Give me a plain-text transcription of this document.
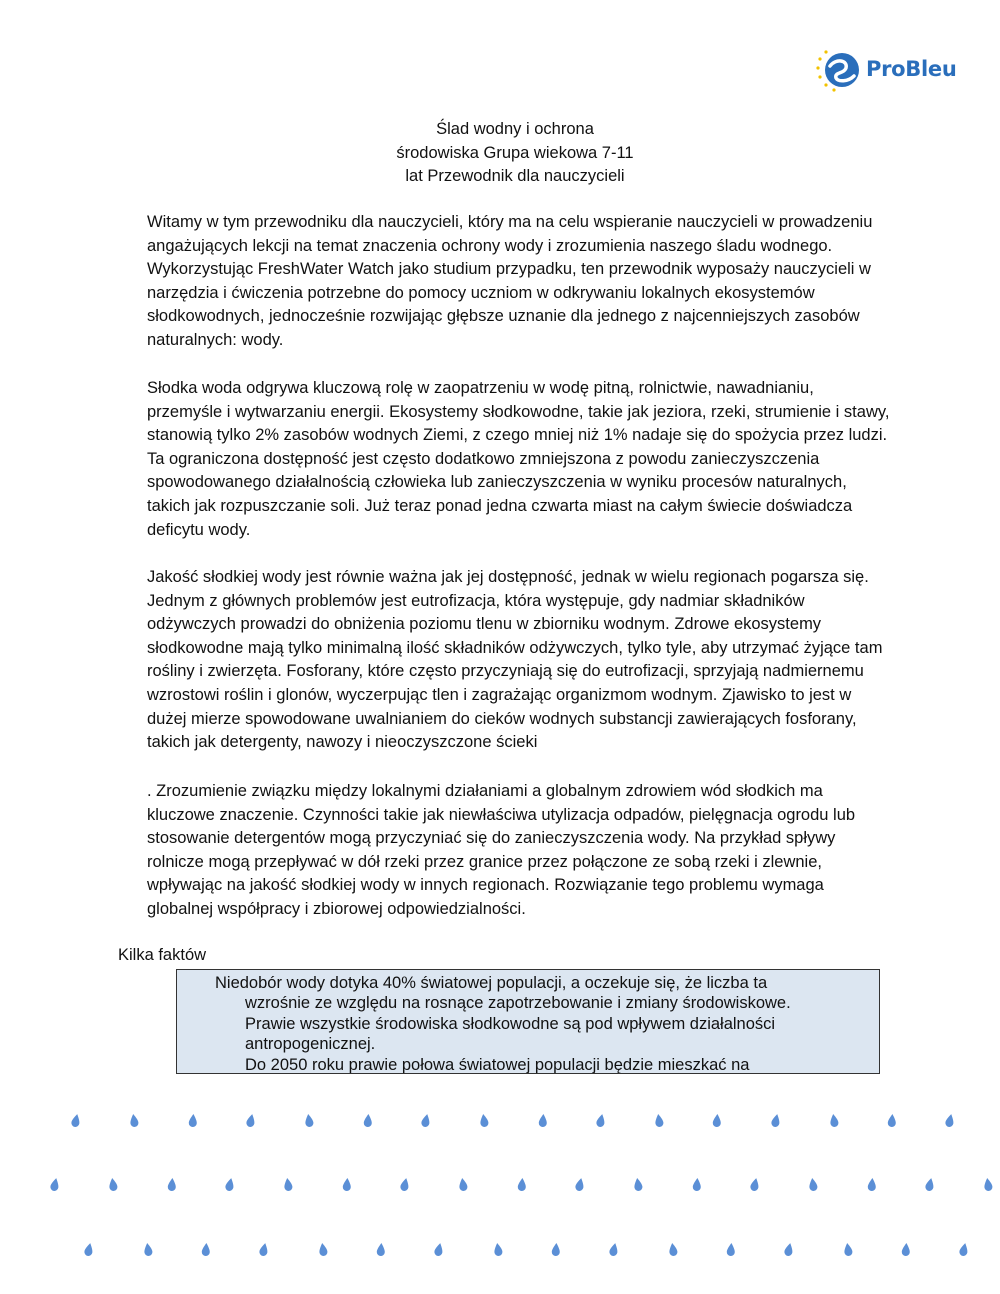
ProBleu
Ślad wodny i ochrona
środowiska Grupa wiekowa 7-11
lat Przewodnik dla nauczycieli

Witamy w tym przewodniku dla nauczycieli, który ma na celu wspieranie nauczycieli w prowadzeniu angażujących lekcji na temat znaczenia ochrony wody i zrozumienia naszego śladu wodnego. Wykorzystując FreshWater Watch jako studium przypadku, ten przewodnik wyposaży nauczycieli w narzędzia i ćwiczenia potrzebne do pomocy uczniom w odkrywaniu lokalnych ekosystemów słodkowodnych, jednocześnie rozwijając głębsze uznanie dla jednego z najcenniejszych zasobów naturalnych: wody.

Słodka woda odgrywa kluczową rolę w zaopatrzeniu w wodę pitną, rolnictwie, nawadnianiu, przemyśle i wytwarzaniu energii. Ekosystemy słodkowodne, takie jak jeziora, rzeki, strumienie i stawy, stanowią tylko 2% zasobów wodnych Ziemi, z czego mniej niż 1% nadaje się do spożycia przez ludzi. Ta ograniczona dostępność jest często dodatkowo zmniejszona z powodu zanieczyszczenia spowodowanego działalnością człowieka lub zanieczyszczenia w wyniku procesów naturalnych, takich jak rozpuszczanie soli. Już teraz ponad jedna czwarta miast na całym świecie doświadcza deficytu wody.

Jakość słodkiej wody jest równie ważna jak jej dostępność, jednak w wielu regionach pogarsza się. Jednym z głównych problemów jest eutrofizacja, która występuje, gdy nadmiar składników odżywczych prowadzi do obniżenia poziomu tlenu w zbiorniku wodnym. Zdrowe ekosystemy słodkowodne mają tylko minimalną ilość składników odżywczych, tylko tyle, aby utrzymać żyjące tam rośliny i zwierzęta. Fosforany, które często przyczyniają się do eutrofizacji, sprzyjają nadmiernemu wzrostowi roślin i glonów, wyczerpując tlen i zagrażając organizmom wodnym. Zjawisko to jest w dużej mierze spowodowane uwalnianiem do cieków wodnych substancji zawierających fosforany, takich jak detergenty, nawozy i nieoczyszczone ścieki

. Zrozumienie związku między lokalnymi działaniami a globalnym zdrowiem wód słodkich ma kluczowe znaczenie. Czynności takie jak niewłaściwa utylizacja odpadów, pielęgnacja ogrodu lub stosowanie detergentów mogą przyczyniać się do zanieczyszczenia wody. Na przykład spływy rolnicze mogą przepływać w dół rzeki przez granice przez połączone ze sobą rzeki i zlewnie, wpływając na jakość słodkiej wody w innych regionach. Rozwiązanie tego problemu wymaga globalnej współpracy i zbiorowej odpowiedzialności.

Kilka faktów

Niedobór wody dotyka 40% światowej populacji, a oczekuje się, że liczba ta
wzrośnie ze względu na rosnące zapotrzebowanie i zmiany środowiskowe.

Prawie wszystkie środowiska słodkowodne są pod wpływem działalności antropogenicznej.

Do 2050 roku prawie połowa światowej populacji będzie mieszkać na
